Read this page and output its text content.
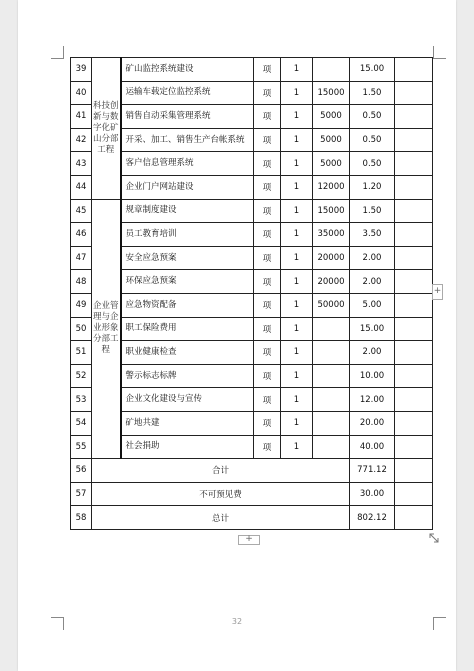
39	科技创新与数字化矿山分部工程	矿山监控系统建设	项	1		15.00	
40		运输车载定位监控系统	项	1	15000	1.50	
41		销售自动采集管理系统	项	1	5000	0.50	
42		开采、加工、销售生产台帐系统	项	1	5000	0.50	
43		客户信息管理系统	项	1	5000	0.50	
44		企业门户网站建设	项	1	12000	1.20	
45	企业管理与企业形象分部工程	规章制度建设	项	1	15000	1.50	
46		员工教育培训	项	1	35000	3.50	
47		安全应急预案	项	1	20000	2.00	
48		环保应急预案	项	1	20000	2.00	
49		应急物资配备	项	1	50000	5.00	
50		职工保险费用	项	1		15.00	
51		职业健康检查	项	1		2.00	
52		警示标志标牌	项	1		10.00	
53		企业文化建设与宣传	项	1		12.00	
54		矿地共建	项	1		20.00	
55		社会捐助	项	1		40.00	
56	合计					771.12	
57	不可预见费					30.00	
58	总计					802.12	
+
+
32
